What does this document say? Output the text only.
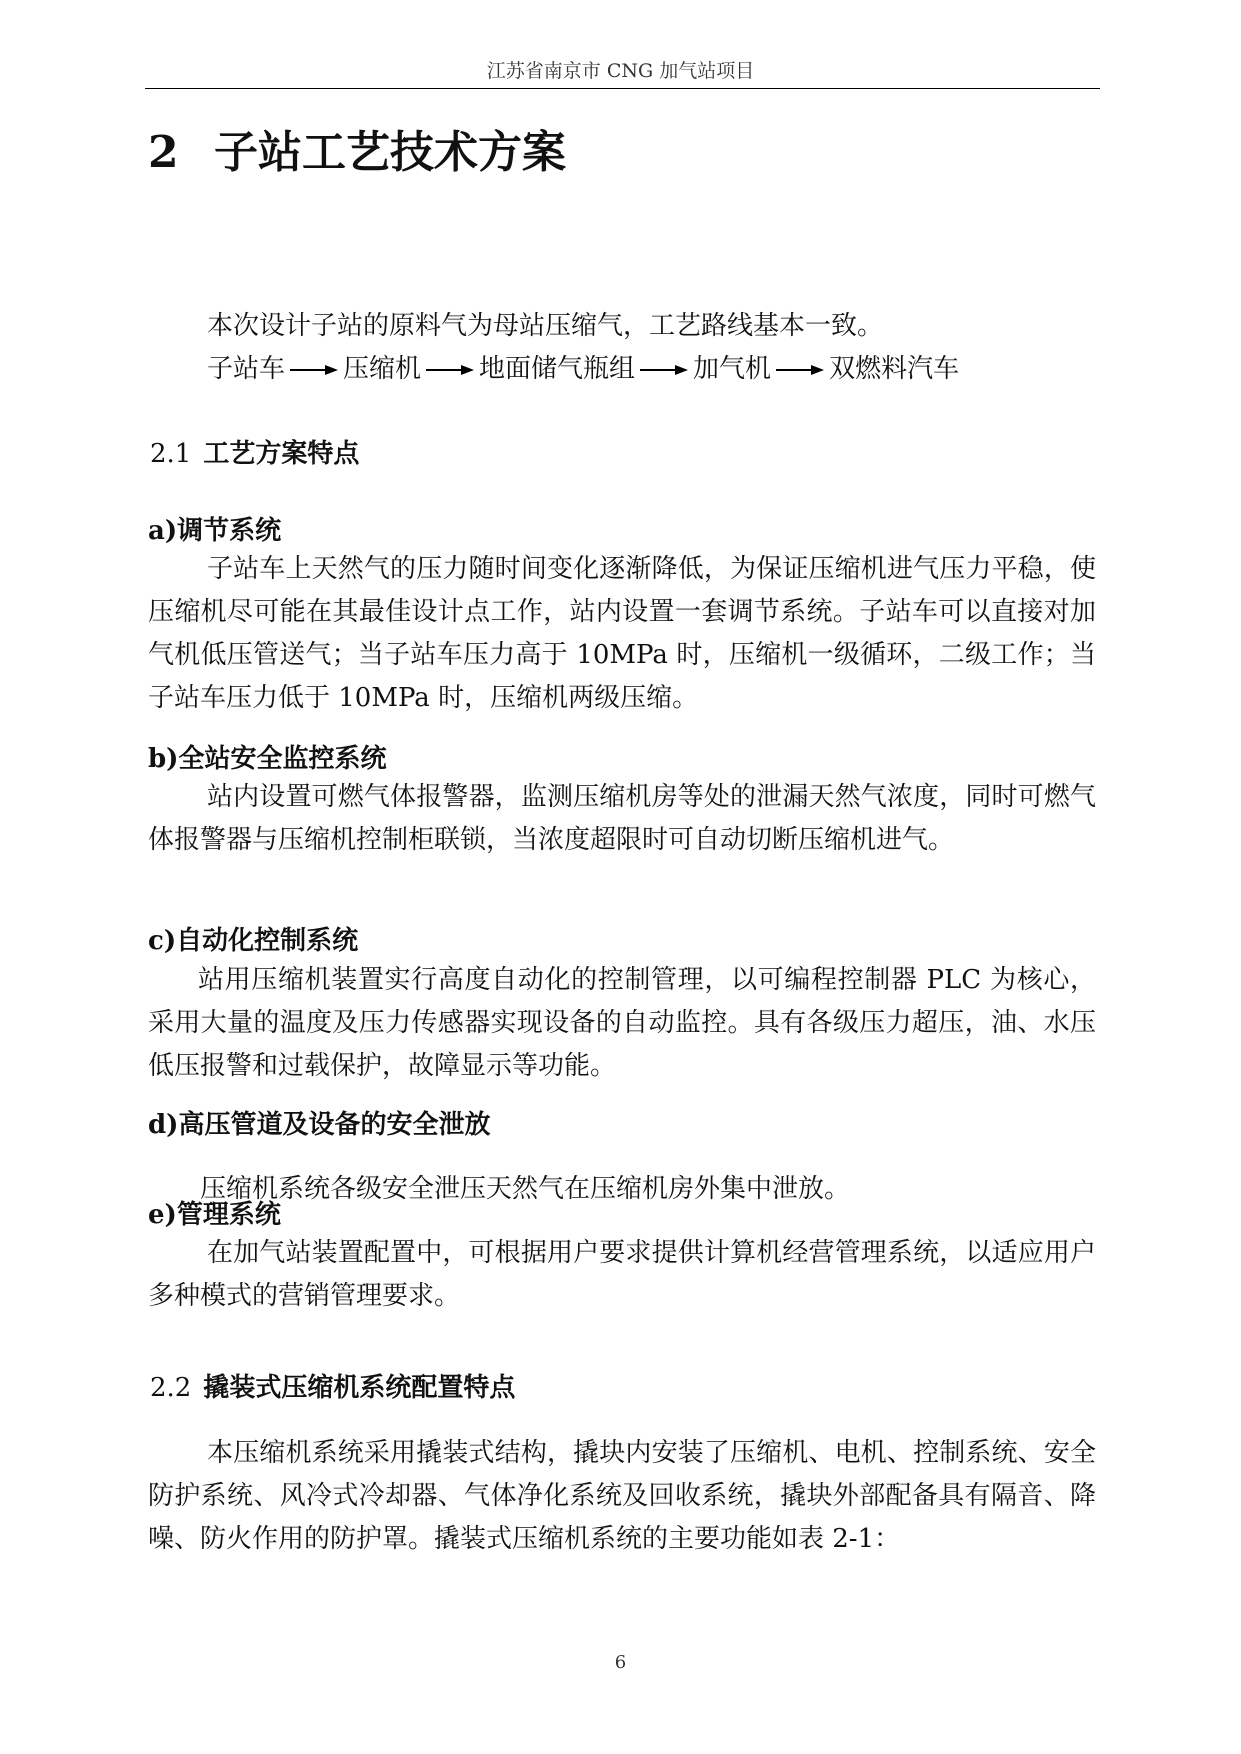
江苏省南京市 CNG 加气站项目
2 子站工艺技术方案

本次设计子站的原料气为母站压缩气，工艺路线基本一致。

子站车 压缩机 地面储气瓶组 加气机 双燃料汽车
2.1 工艺方案特点
a)调节系统

子站车上天然气的压力随时间变化逐渐降低，为保证压缩机进气压力平稳，使压缩机尽可能在其最佳设计点工作，站内设置一套调节系统。子站车可以直接对加气机低压管送气；当子站车压力高于 10MPa 时，压缩机一级循环，二级工作；当子站车压力低于 10MPa 时，压缩机两级压缩。

b)全站安全监控系统

站内设置可燃气体报警器，监测压缩机房等处的泄漏天然气浓度，同时可燃气体报警器与压缩机控制柜联锁，当浓度超限时可自动切断压缩机进气。

c)自动化控制系统

站用压缩机装置实行高度自动化的控制管理，以可编程控制器 PLC 为核心，采用大量的温度及压力传感器实现设备的自动监控。具有各级压力超压，油、水压低压报警和过载保护，故障显示等功能。

d)高压管道及设备的安全泄放

压缩机系统各级安全泄压天然气在压缩机房外集中泄放。

e)管理系统

在加气站装置配置中，可根据用户要求提供计算机经营管理系统，以适应用户多种模式的营销管理要求。

2.2 撬装式压缩机系统配置特点

本压缩机系统采用撬装式结构，撬块内安装了压缩机、电机、控制系统、安全防护系统、风冷式冷却器、气体净化系统及回收系统，撬块外部配备具有隔音、降噪、防火作用的防护罩。撬装式压缩机系统的主要功能如表 2-1：

6
